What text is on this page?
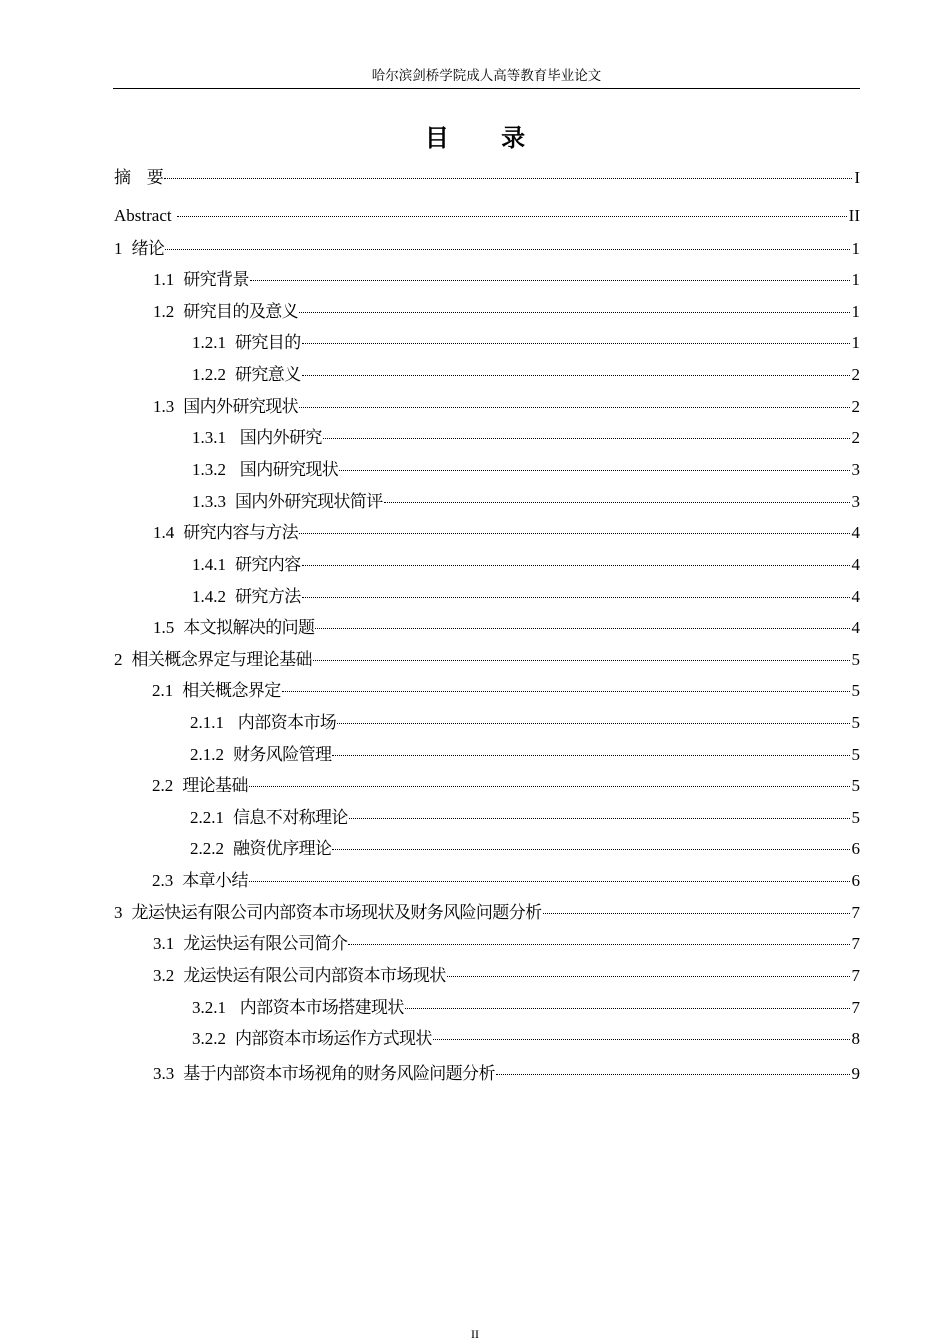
哈尔滨剑桥学院成人高等教育毕业论文
目 录
摘　要	I
Abstract	II
1 绪论	1
1.1 研究背景	1
1.2 研究目的及意义	1
1.2.1 研究目的	1
1.2.2 研究意义	2
1.3 国内外研究现状	2
1.3.1 国内外研究	2
1.3.2 国内研究现状	3
1.3.3 国内外研究现状简评	3
1.4 研究内容与方法	4
1.4.1 研究内容	4
1.4.2 研究方法	4
1.5 本文拟解决的问题	4
2 相关概念界定与理论基础	5
2.1 相关概念界定	5
2.1.1 内部资本市场	5
2.1.2 财务风险管理	5
2.2 理论基础	5
2.2.1 信息不对称理论	5
2.2.2 融资优序理论	6
2.3 本章小结	6
3 龙运快运有限公司内部资本市场现状及财务风险问题分析	7
3.1 龙运快运有限公司简介	7
3.2 龙运快运有限公司内部资本市场现状	7
3.2.1 内部资本市场搭建现状	7
3.2.2 内部资本市场运作方式现状	8
3.3 基于内部资本市场视角的财务风险问题分析	9
II
